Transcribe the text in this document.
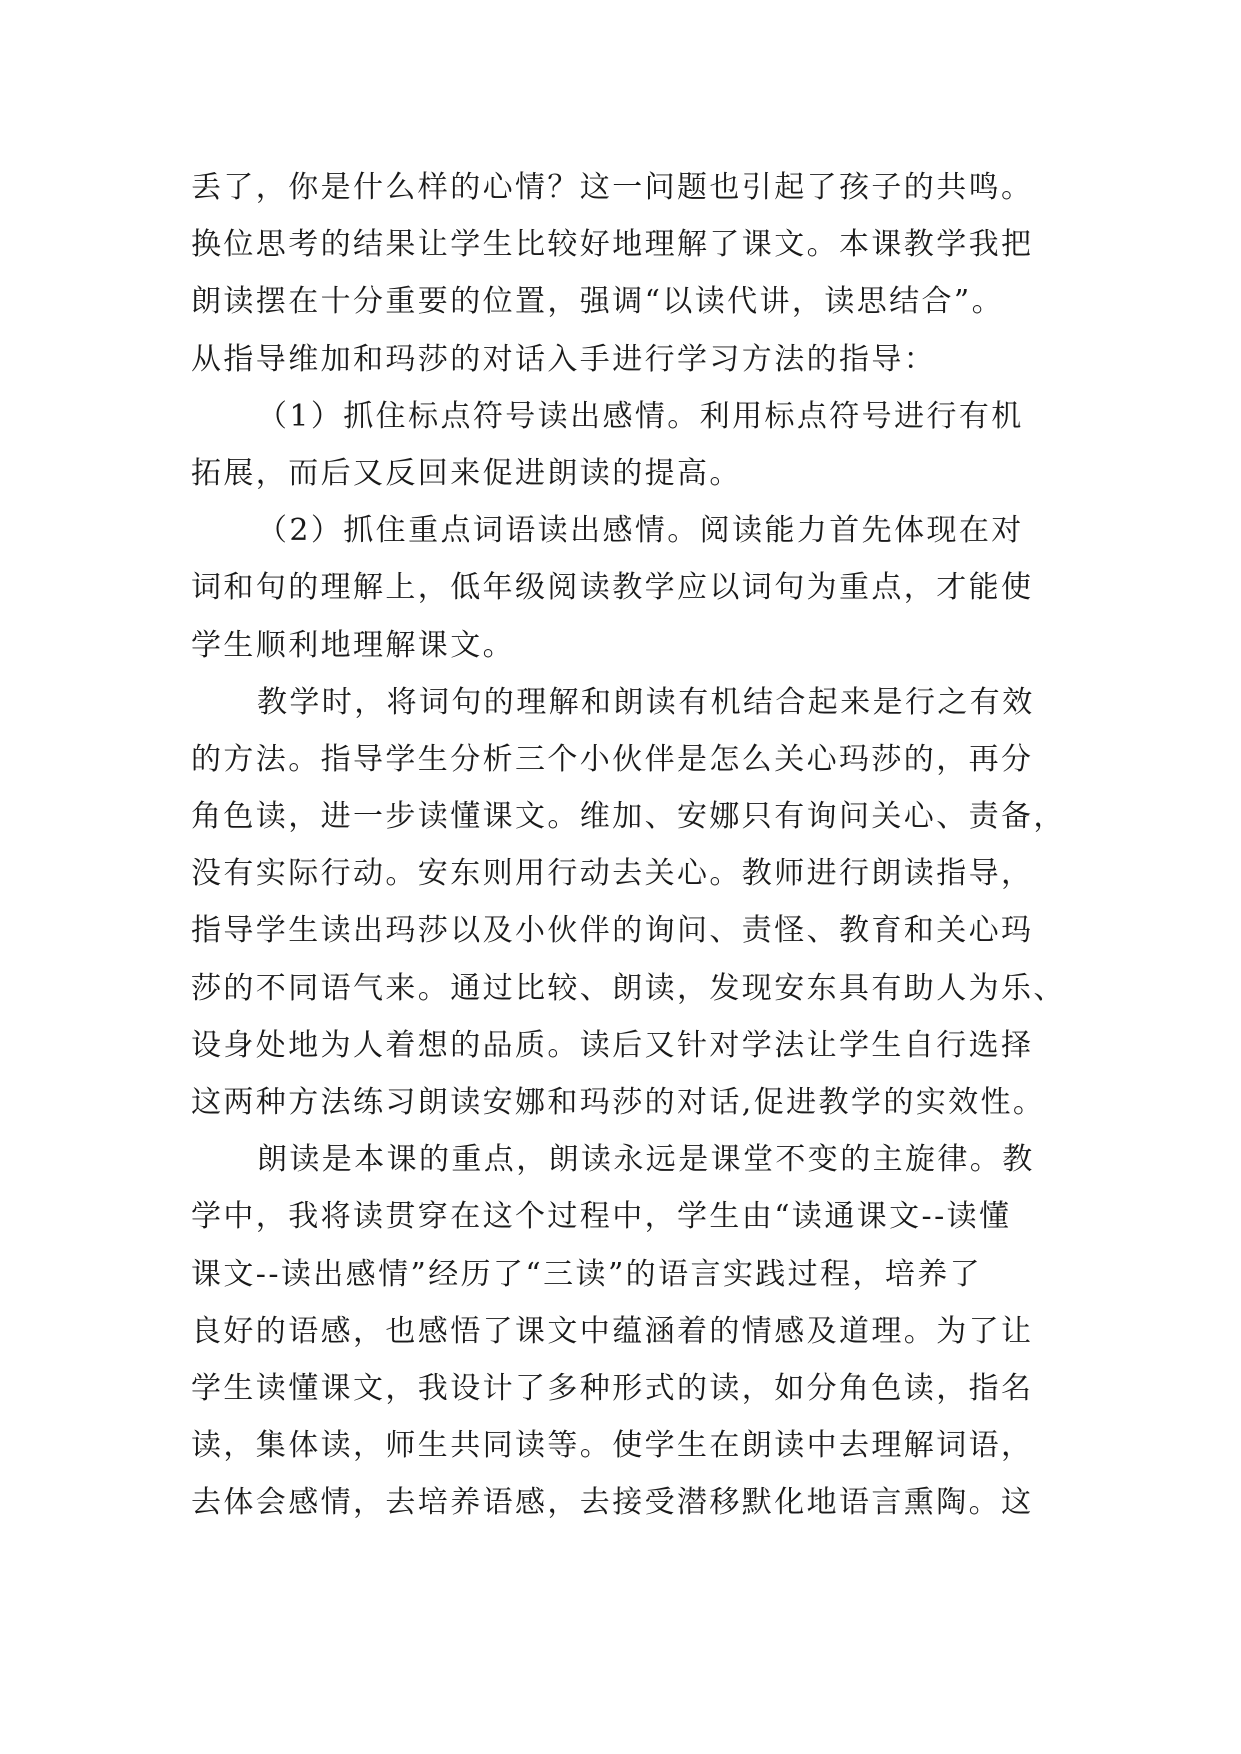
丢了，你是什么样的心情？这一问题也引起了孩子的共鸣。
换位思考的结果让学生比较好地理解了课文。本课教学我把
朗读摆在十分重要的位置，强调“以读代讲，读思结合”。
从指导维加和玛莎的对话入手进行学习方法的指导：
（1）抓住标点符号读出感情。利用标点符号进行有机
拓展，而后又反回来促进朗读的提高。
（2）抓住重点词语读出感情。阅读能力首先体现在对
词和句的理解上，低年级阅读教学应以词句为重点，才能使
学生顺利地理解课文。
教学时，将词句的理解和朗读有机结合起来是行之有效
的方法。指导学生分析三个小伙伴是怎么关心玛莎的，再分
角色读，进一步读懂课文。维加、安娜只有询问关心、责备，
没有实际行动。安东则用行动去关心。教师进行朗读指导，
指导学生读出玛莎以及小伙伴的询问、责怪、教育和关心玛
莎的不同语气来。通过比较、朗读，发现安东具有助人为乐、
设身处地为人着想的品质。读后又针对学法让学生自行选择
这两种方法练习朗读安娜和玛莎的对话,促进教学的实效性。
朗读是本课的重点，朗读永远是课堂不变的主旋律。教
学中，我将读贯穿在这个过程中，学生由“读通课文--读懂
课文--读出感情”经历了“三读”的语言实践过程，培养了
良好的语感，也感悟了课文中蕴涵着的情感及道理。为了让
学生读懂课文，我设计了多种形式的读，如分角色读，指名
读，集体读，师生共同读等。使学生在朗读中去理解词语，
去体会感情，去培养语感，去接受潜移默化地语言熏陶。这
